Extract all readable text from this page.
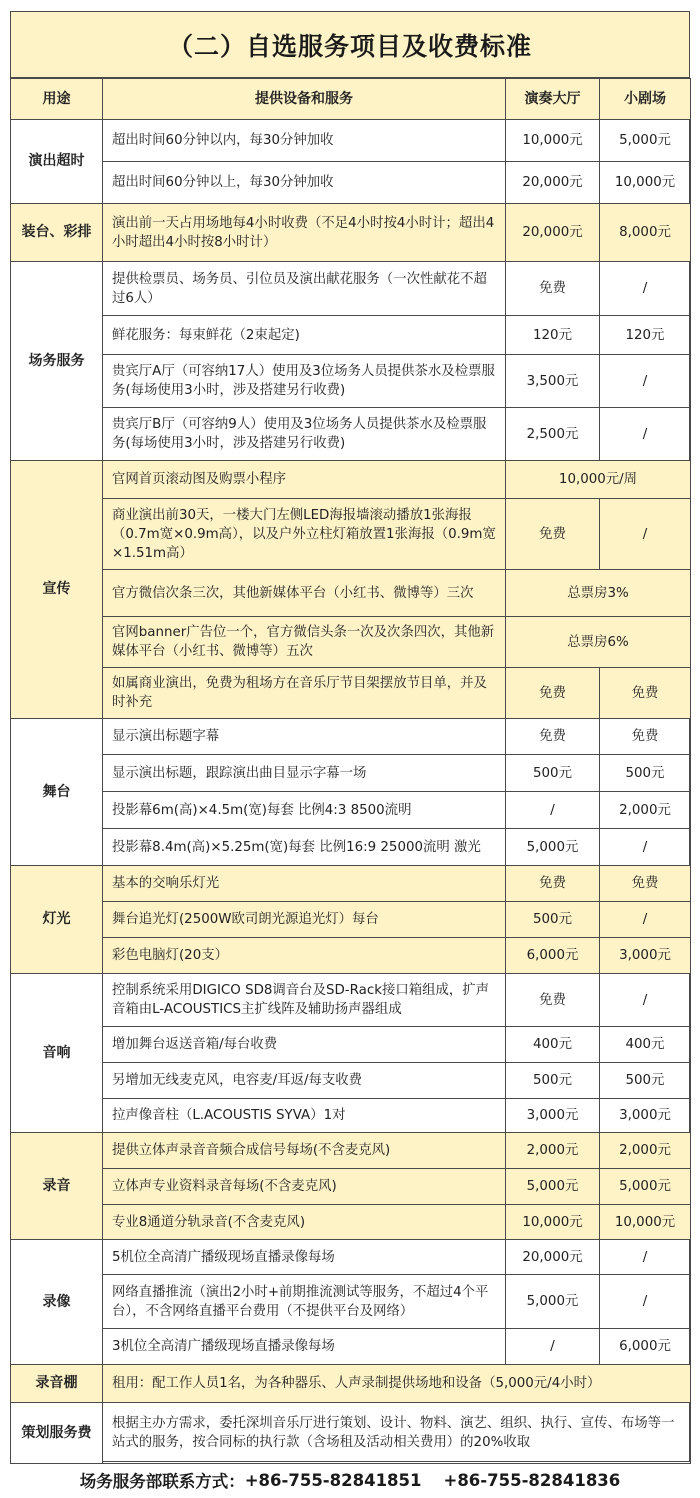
（二）自选服务项目及收费标准
用途	提供设备和服务	演奏大厅	小剧场
演出超时	超出时间60分钟以内，每30分钟加收	10,000元	5,000元
	超出时间60分钟以上，每30分钟加收	20,000元	10,000元
装台、彩排	演出前一天占用场地每4小时收费（不足4小时按4小时计；超出4小时超出4小时按8小时计）	20,000元	8,000元
场务服务	提供检票员、场务员、引位员及演出献花服务（一次性献花不超过6人）	免费	/
	鲜花服务：每束鲜花（2束起定)	120元	120元
	贵宾厅A厅（可容纳17人）使用及3位场务人员提供茶水及检票服务(每场使用3小时，涉及搭建另行收费)	3,500元	/
	贵宾厅B厅（可容纳9人）使用及3位场务人员提供茶水及检票服务(每场使用3小时，涉及搭建另行收费)	2,500元	/
宣传	官网首页滚动图及购票小程序	10,000元/周	
	商业演出前30天，一楼大门左侧LED海报墙滚动播放1张海报（0.7m宽×0.9m高），以及户外立柱灯箱放置1张海报（0.9m宽×1.51m高）	免费	/
	官方微信次条三次，其他新媒体平台（小红书、微博等）三次	总票房3%	
	官网banner广告位一个，官方微信头条一次及次条四次，其他新媒体平台（小红书、微博等）五次	总票房6%	
	如属商业演出，免费为租场方在音乐厅节目架摆放节目单，并及时补充	免费	免费
舞台	显示演出标题字幕	免费	免费
	显示演出标题，跟踪演出曲目显示字幕一场	500元	500元
	投影幕6m(高)×4.5m(宽)每套 比例4:3 8500流明	/	2,000元
	投影幕8.4m(高)×5.25m(宽)每套 比例16:9 25000流明 激光	5,000元	/
灯光	基本的交响乐灯光	免费	免费
	舞台追光灯(2500W欧司朗光源追光灯）每台	500元	/
	彩色电脑灯(20支）	6,000元	3,000元
音响	控制系统采用DIGICO SD8调音台及SD-Rack接口箱组成，扩声音箱由L-ACOUSTICS主扩线阵及辅助扬声器组成	免费	/
	增加舞台返送音箱/每台收费	400元	400元
	另增加无线麦克风，电容麦/耳返/每支收费	500元	500元
	拉声像音柱（L.ACOUSTIS SYVA）1对	3,000元	3,000元
录音	提供立体声录音音频合成信号每场(不含麦克风)	2,000元	2,000元
	立体声专业资料录音每场(不含麦克风)	5,000元	5,000元
	专业8通道分轨录音(不含麦克风)	10,000元	10,000元
录像	5机位全高清广播级现场直播录像每场	20,000元	/
	网络直播推流（演出2小时+前期推流测试等服务，不超过4个平台），不含网络直播平台费用（不提供平台及网络）	5,000元	/
	3机位全高清广播级现场直播录像每场	/	6,000元
录音棚	租用：配工作人员1名，为各种器乐、人声录制提供场地和设备（5,000元/4小时）		
策划服务费	根据主办方需求，委托深圳音乐厅进行策划、设计、物料、演艺、组织、执行、宣传、布场等一站式的服务，按合同标的执行款（含场租及活动相关费用）的20%收取		
场务服务部联系方式： +86-755-82841851 +86-755-82841836
